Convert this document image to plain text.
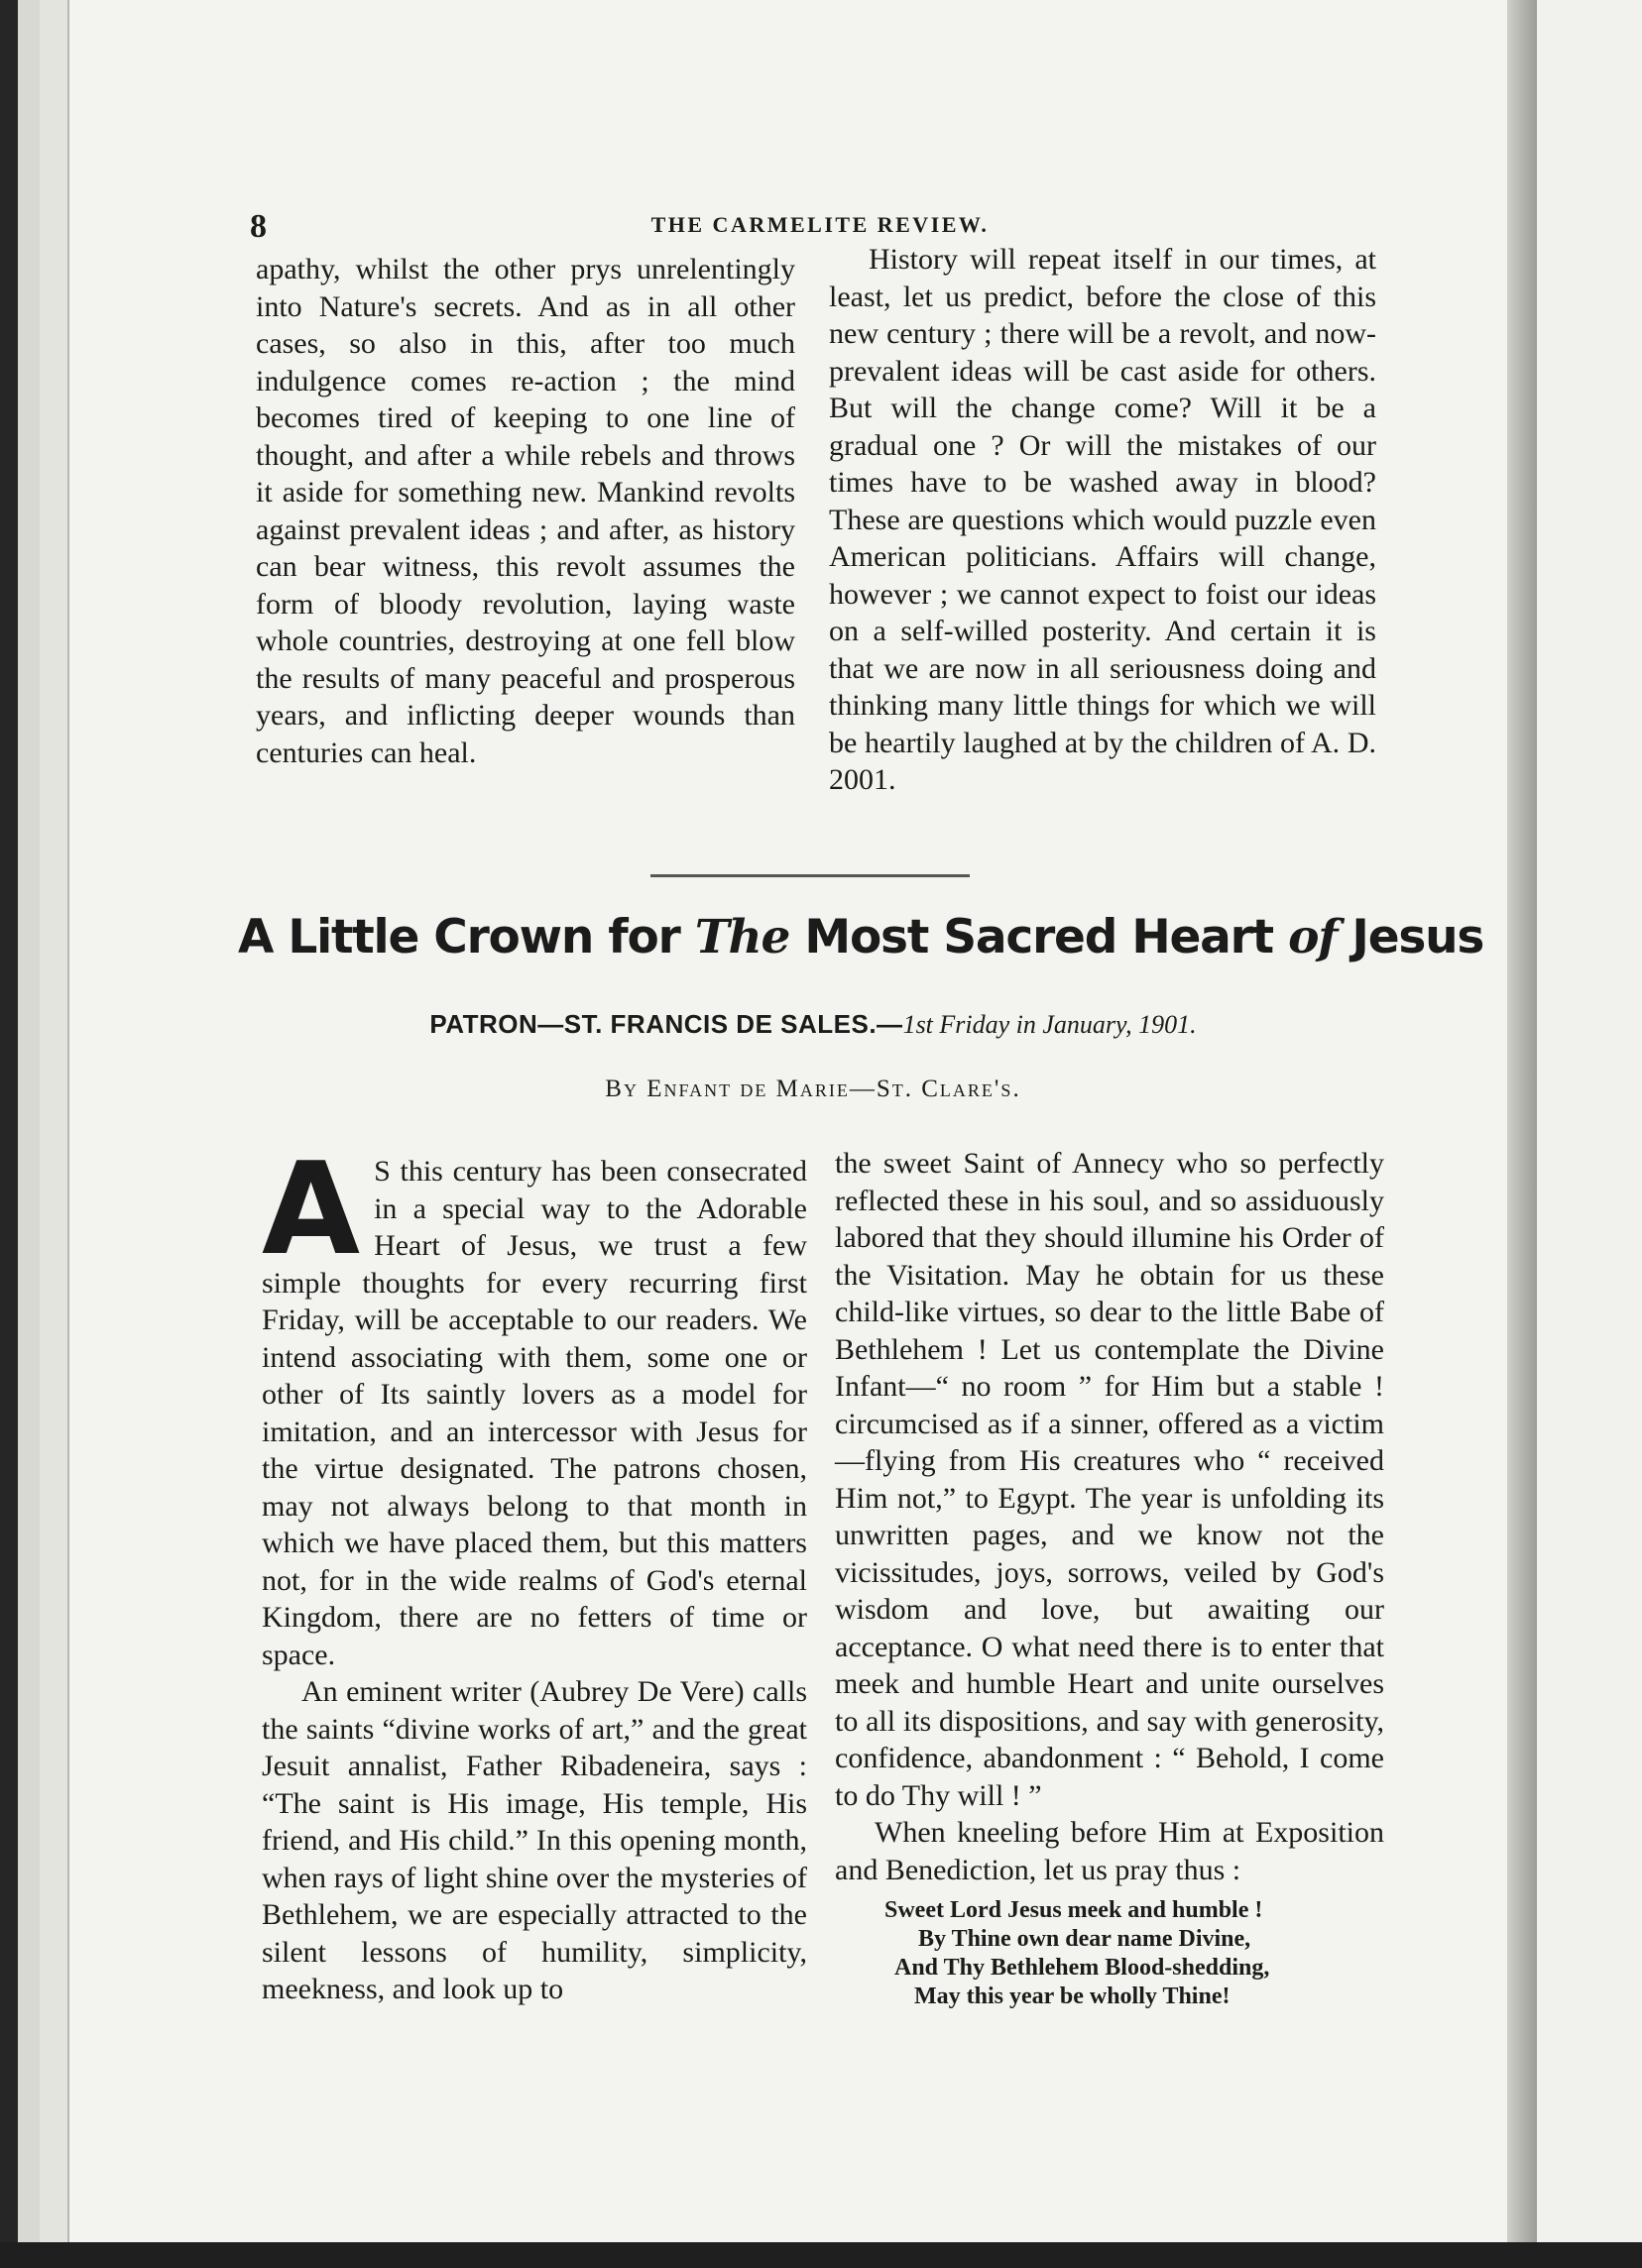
8	THE CARMELITE REVIEW.

apathy, whilst the other prys unrelentingly into Nature's secrets. And as in all other cases, so also in this, after too much indulgence comes re-action ; the mind becomes tired of keeping to one line of thought, and after a while rebels and throws it aside for something new. Mankind revolts against prevalent ideas ; and after, as history can bear witness, this revolt assumes the form of bloody revolution, laying waste whole countries, destroying at one fell blow the results of many peaceful and prosperous years, and inflicting deeper wounds than centuries can heal.

History will repeat itself in our times, at least, let us predict, before the close of this new century ; there will be a revolt, and now-prevalent ideas will be cast aside for others. But will the change come? Will it be a gradual one ? Or will the mistakes of our times have to be washed away in blood? These are questions which would puzzle even American politicians. Affairs will change, however ; we cannot expect to foist our ideas on a self-willed posterity. And certain it is that we are now in all seriousness doing and thinking many little things for which we will be heartily laughed at by the children of A. D. 2001.

A Little Crown for The Most Sacred Heart of Jesus
PATRON—ST. FRANCIS DE SALES.—1st Friday in January, 1901.
By Enfant de Marie—St. Clare's.

A S this century has been consecrated in a special way to the Adorable Heart of Jesus, we trust a few simple thoughts for every recurring first Friday, will be acceptable to our readers. We intend associating with them, some one or other of Its saintly lovers as a model for imitation, and an intercessor with Jesus for the virtue designated. The patrons chosen, may not always belong to that month in which we have placed them, but this matters not, for in the wide realms of God's eternal Kingdom, there are no fetters of time or space.

An eminent writer (Aubrey De Vere) calls the saints “divine works of art,” and the great Jesuit annalist, Father Ribadeneira, says : “The saint is His image, His temple, His friend, and His child.” In this opening month, when rays of light shine over the mysteries of Bethlehem, we are especially attracted to the silent lessons of humility, simplicity, meekness, and look up to

the sweet Saint of Annecy who so perfectly reflected these in his soul, and so assiduously labored that they should illumine his Order of the Visitation. May he obtain for us these child-like virtues, so dear to the little Babe of Bethlehem ! Let us contemplate the Divine Infant—“ no room ” for Him but a stable ! circumcised as if a sinner, offered as a victim—flying from His creatures who “ received Him not,” to Egypt. The year is unfolding its unwritten pages, and we know not the vicissitudes, joys, sorrows, veiled by God's wisdom and love, but awaiting our acceptance. O what need there is to enter that meek and humble Heart and unite ourselves to all its dispositions, and say with generosity, confidence, abandonment : “ Behold, I come to do Thy will ! ”

When kneeling before Him at Exposition and Benediction, let us pray thus :

Sweet Lord Jesus meek and humble !
By Thine own dear name Divine,
And Thy Bethlehem Blood-shedding,
May this year be wholly Thine!
